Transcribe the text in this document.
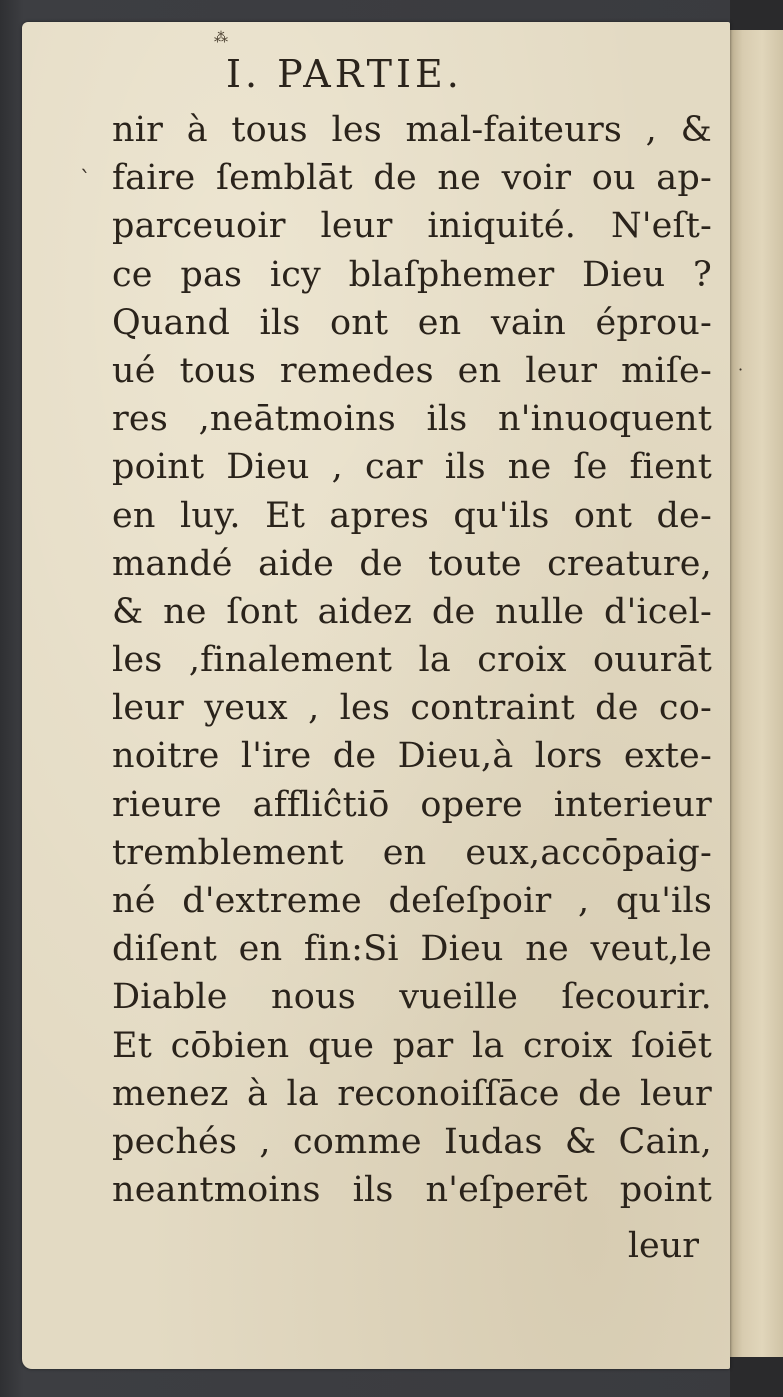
⁂
I. PARTIE.
ˋ
·
nir à tous les mal-faiteurs , &
faire ſemblāt de ne voir ou ap-
parceuoir leur iniquité. N'eſt-
ce pas icy blaſphemer Dieu ?
Quand ils ont en vain éprou-
ué tous remedes en leur miſe-
res ,neātmoins ils n'inuoquent
point Dieu , car ils ne ſe fient
en luy. Et apres qu'ils ont de-
mandé aide de toute creature,
& ne ſont aidez de nulle d'icel-
les ,finalement la croix ouurāt
leur yeux , les contraint de co-
noitre l'ire de Dieu,à lors exte-
rieure affliĉtiō opere interieur
tremblement en eux,accōpaig-
né d'extreme deſeſpoir , qu'ils
diſent en fin:Si Dieu ne veut,le
Diable nous vueille ſecourir.
Et cōbien que par la croix ſoiēt
menez à la reconoiſſāce de leur
pechés , comme Iudas & Cain,
neantmoins ils n'eſperēt point
leur
